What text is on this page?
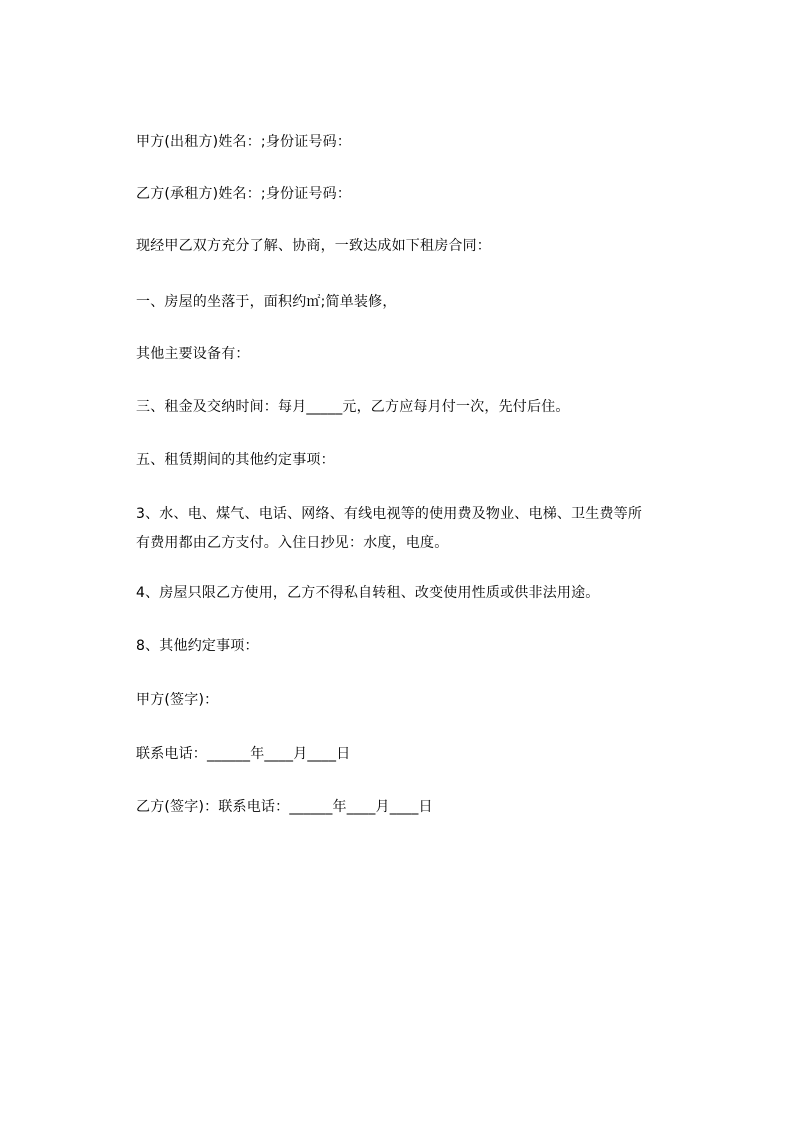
甲方(出租方)姓名：;身份证号码：
乙方(承租方)姓名：;身份证号码：
现经甲乙双方充分了解、协商，一致达成如下租房合同：
一、房屋的坐落于，面积约㎡;简单装修，
其他主要设备有：
三、租金及交纳时间：每月_____元，乙方应每月付一次，先付后住。
五、租赁期间的其他约定事项：
3、水、电、煤气、电话、网络、有线电视等的使用费及物业、电梯、卫生费等所
有费用都由乙方支付。入住日抄见：水度，电度。
4、房屋只限乙方使用，乙方不得私自转租、改变使用性质或供非法用途。
8、其他约定事项：
甲方(签字)：
联系电话：______年____月____日
乙方(签字)：联系电话：______年____月____日
